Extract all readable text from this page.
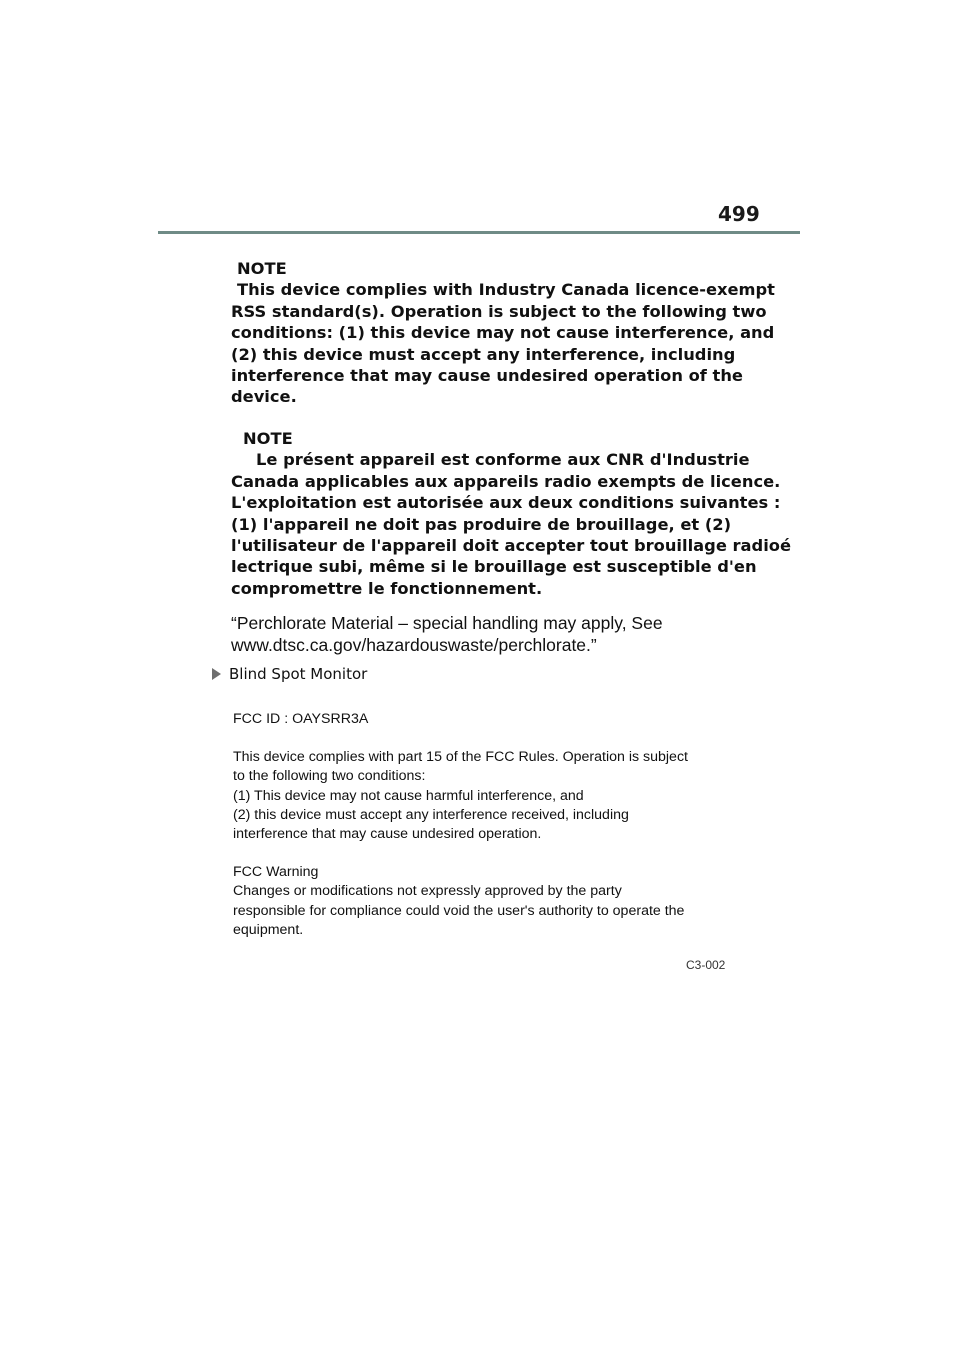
499
NOTE
This device complies with Industry Canada licence-exempt
RSS standard(s). Operation is subject to the following two
conditions: (1) this device may not cause interference, and
(2) this device must accept any interference, including
interference that may cause undesired operation of the
device.
NOTE
Le présent appareil est conforme aux CNR d'Industrie
Canada applicables aux appareils radio exempts de licence.
L'exploitation est autorisée aux deux conditions suivantes :
(1) l'appareil ne doit pas produire de brouillage, et (2)
l'utilisateur de l'appareil doit accepter tout brouillage radioé
lectrique subi, même si le brouillage est susceptible d'en
compromettre le fonctionnement.
“Perchlorate Material – special handling may apply, See
www.dtsc.ca.gov/hazardouswaste/perchlorate.”
Blind Spot Monitor
FCC ID : OAYSRR3A
This device complies with part 15 of the FCC Rules. Operation is subject
to the following two conditions:
(1) This device may not cause harmful interference, and
(2) this device must accept any interference received, including
interference that may cause undesired operation.
FCC Warning
Changes or modifications not expressly approved by the party
responsible for compliance could void the user's authority to operate the
equipment.
C3-002
